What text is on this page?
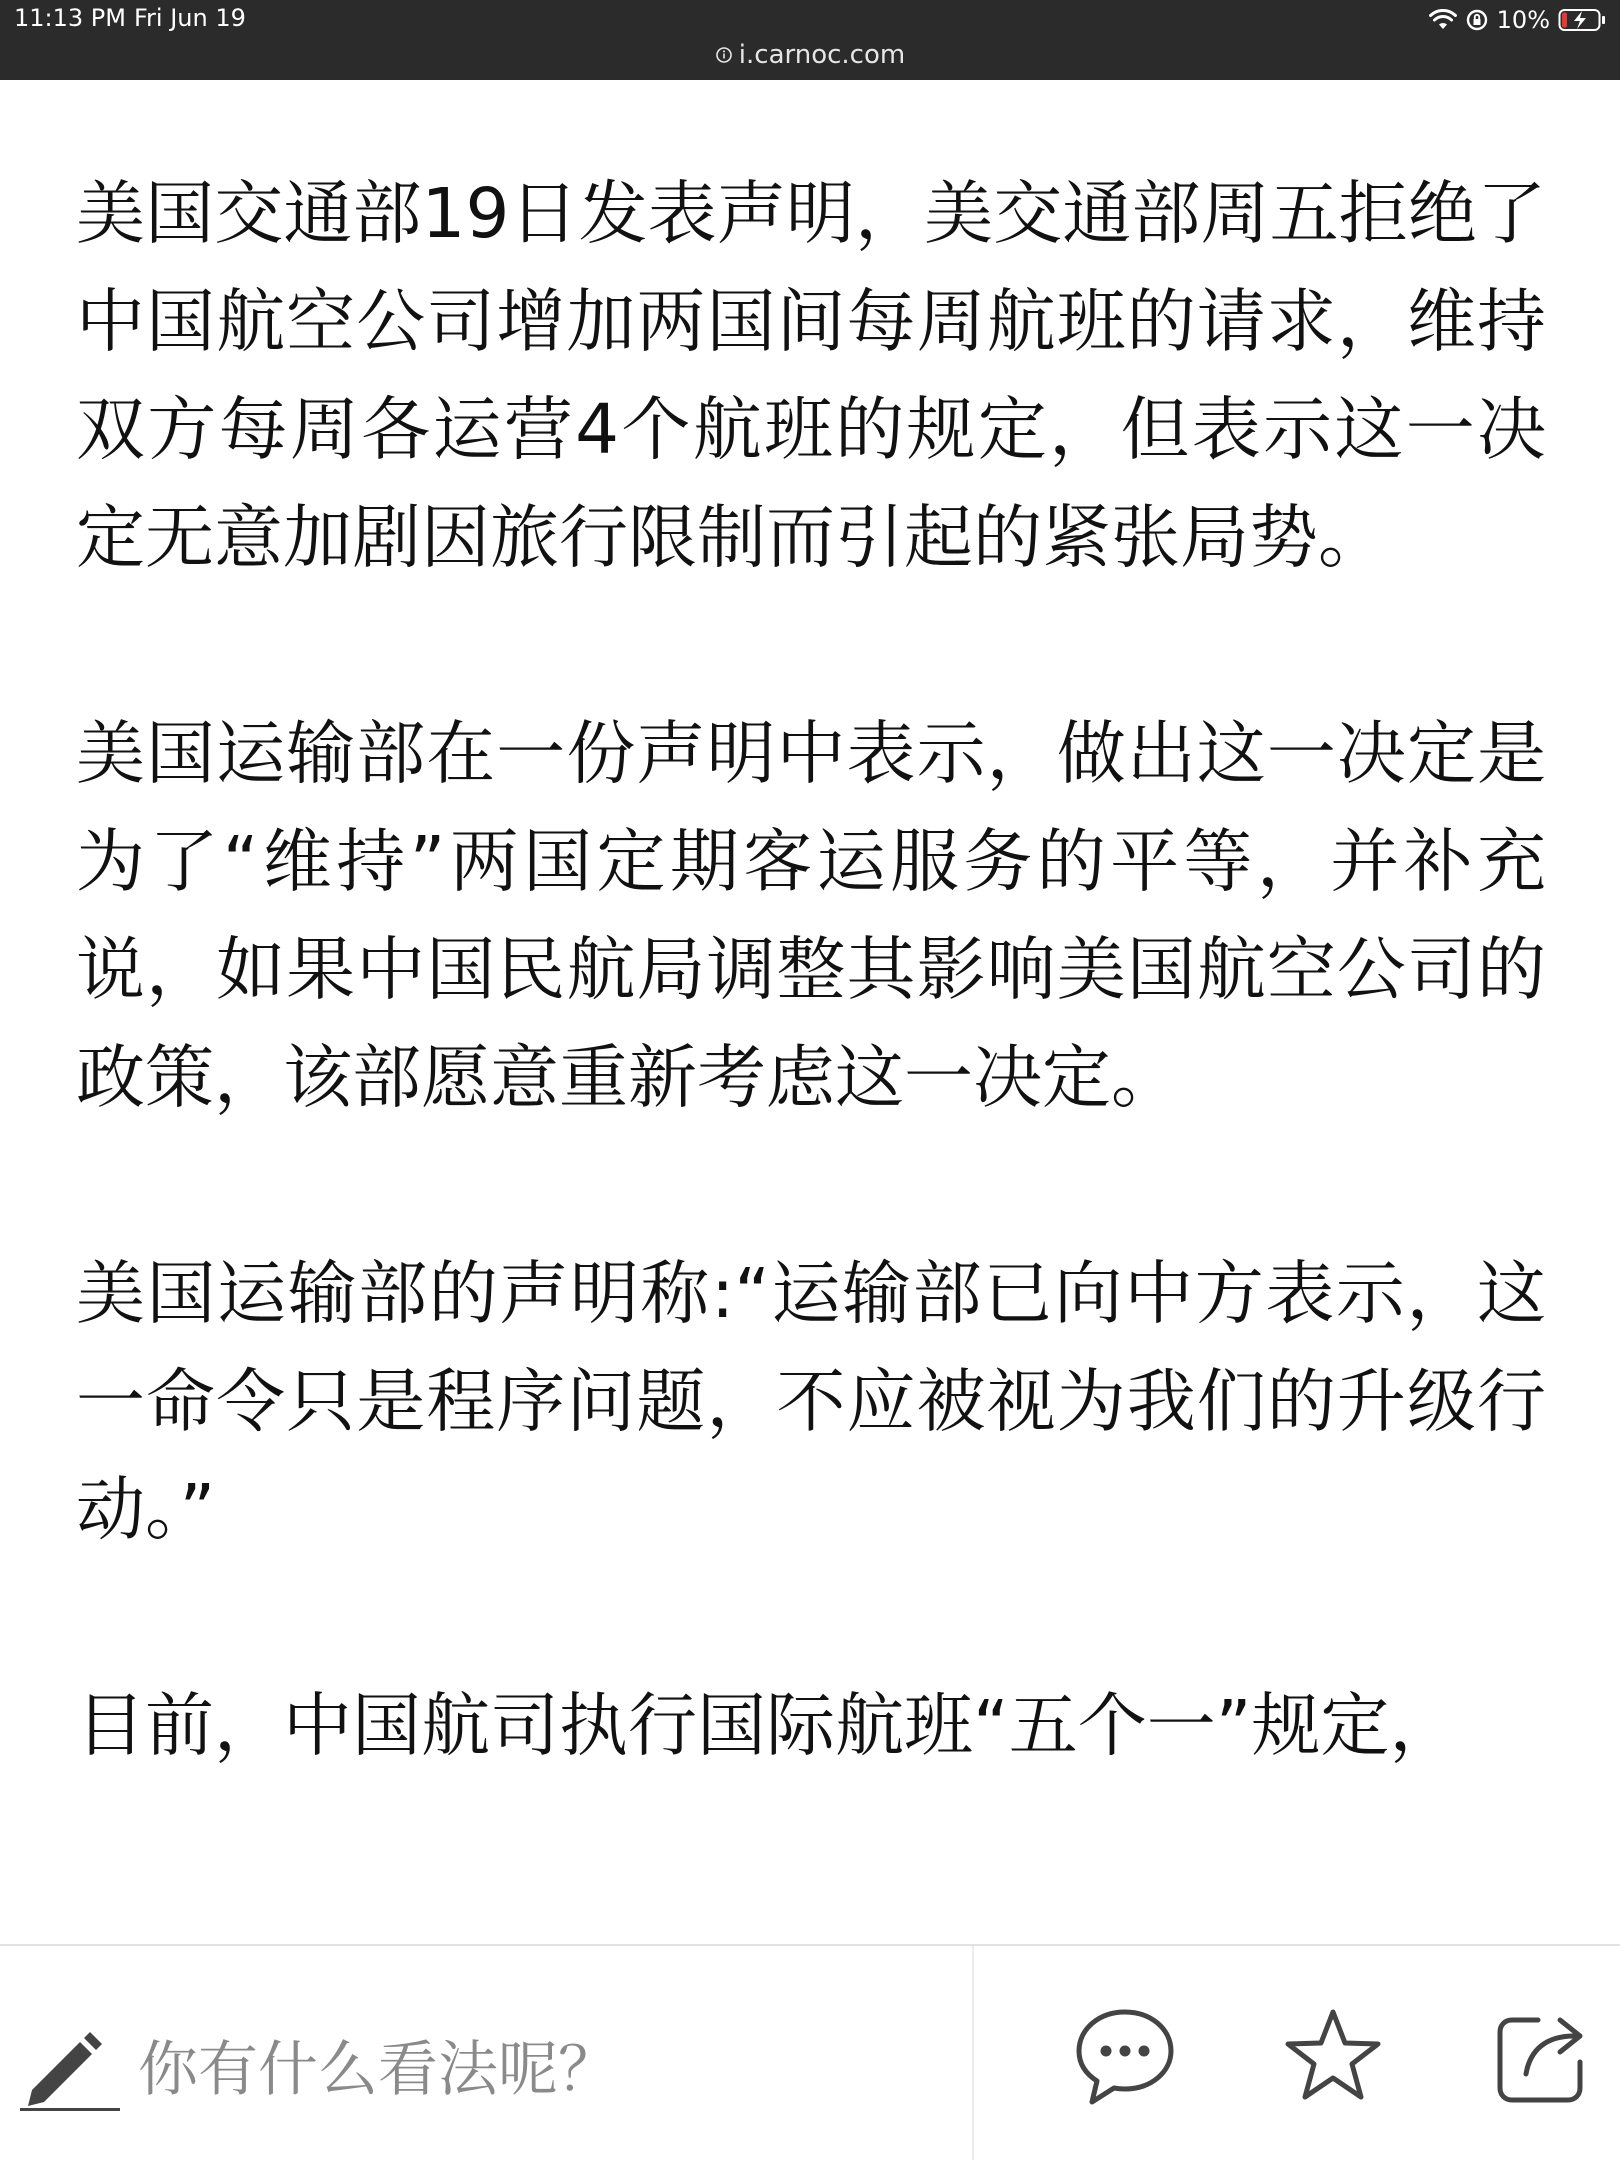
11:13 PM Fri Jun 19	10%
i.carnoc.com

美国交通部19日发表声明，美交通部周五拒绝了中国航空公司增加两国间每周航班的请求，维持双方每周各运营4个航班的规定，但表示这一决定无意加剧因旅行限制而引起的紧张局势。

美国运输部在一份声明中表示，做出这一决定是为了“维持”两国定期客运服务的平等，并补充说，如果中国民航局调整其影响美国航空公司的政策，该部愿意重新考虑这一决定。

美国运输部的声明称:“运输部已向中方表示，这一命令只是程序问题，不应被视为我们的升级行动。”

目前，中国航司执行国际航班“五个一”规定，

你有什么看法呢？
